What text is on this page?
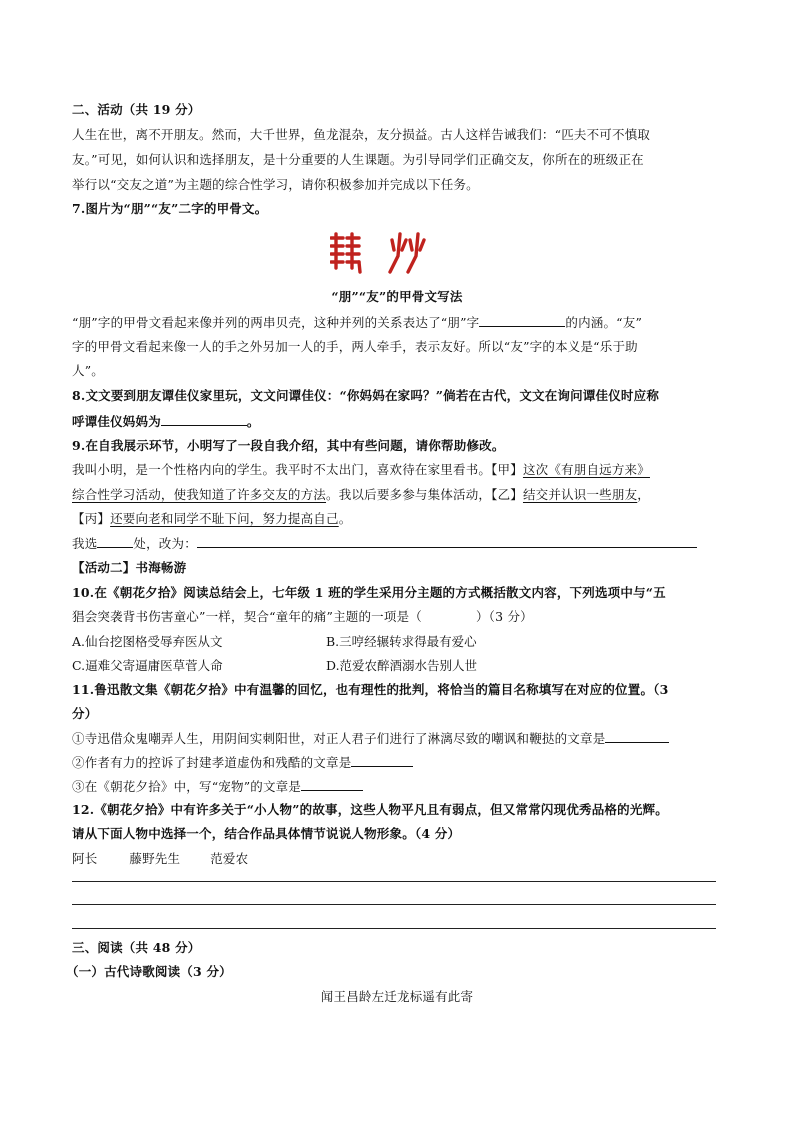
二、活动（共 19 分）
人生在世，离不开朋友。然而，大千世界，鱼龙混杂，友分损益。古人这样告诫我们：“匹夫不可不慎取
友。”可见，如何认识和选择朋友，是十分重要的人生课题。为引导同学们正确交友，你所在的班级正在
举行以“交友之道”为主题的综合性学习，请你积极参加并完成以下任务。
7.图片为“朋”“友”二字的甲骨文。
“朋”“友”的甲骨文写法
“朋”字的甲骨文看起来像并列的两串贝壳，这种并列的关系表达了“朋”字	的内涵。“友”
字的甲骨文看起来像一人的手之外另加一人的手，两人牵手，表示友好。所以“友”字的本义是“乐于助
人”。
8.文文要到朋友谭佳仪家里玩，文文问谭佳仪：“你妈妈在家吗？”倘若在古代，文文在询问谭佳仪时应称
呼谭佳仪妈妈为	。
9.在自我展示环节，小明写了一段自我介绍，其中有些问题，请你帮助修改。
我叫小明，是一个性格内向的学生。我平时不太出门，喜欢待在家里看书。【甲】这次《有朋自远方来》
综合性学习活动，使我知道了许多交友的方法。我以后要多参与集体活动，【乙】结交并认识一些朋友，
【丙】还要向老和同学不耻下问，努力提高自己。
我选	处，改为：
【活动二】书海畅游
10.在《朝花夕拾》阅读总结会上，七年级 1 班的学生采用分主题的方式概括散文内容，下列选项中与“五
猖会突袭背书伤害童心”一样，契合“童年的痛”主题的一项是（	）（3 分）
A.仙台挖图格受辱弃医从文	B.三哼经辗转求得最有爱心
C.逼难父寄逼庸医草菅人命	D.范爱农醉酒溺水告别人世
11.鲁迅散文集《朝花夕拾》中有温馨的回忆，也有理性的批判，将恰当的篇目名称填写在对应的位置。（3
分）
①寺迅借众鬼嘲弄人生，用阴间实刺阳世，对正人君子们进行了淋漓尽致的嘲讽和鞭挞的文章是
②作者有力的控诉了封建孝道虚伪和残酷的文章是
③在《朝花夕拾》中，写“宠物”的文章是
12.《朝花夕拾》中有许多关于“小人物”的故事，这些人物平凡且有弱点，但又常常闪现优秀品格的光辉。
请从下面人物中选择一个，结合作品具体情节说说人物形象。（4 分）
阿长	藤野先生 范爱农
三、阅读（共 48 分）
（一）古代诗歌阅读（3 分）
闻王昌龄左迁龙标遥有此寄
